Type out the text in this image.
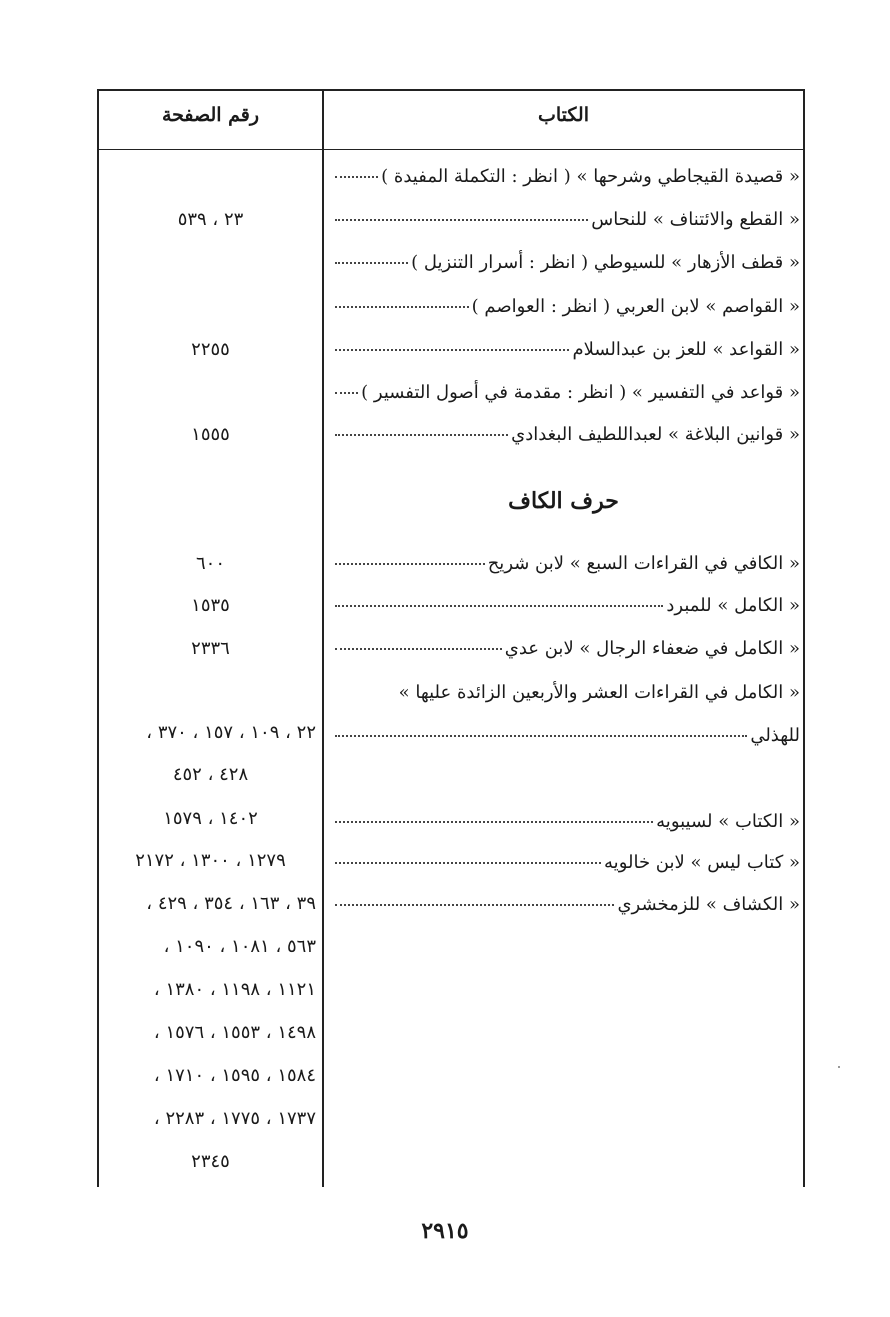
الكتاب
رقم الصفحة
« قصيدة القيجاطي وشرحها » ( انظر : التكملة المفيدة )
« القطع والائتناف » للنحاس
« قطف الأزهار » للسيوطي ( انظر : أسرار التنزيل )
« القواصم » لابن العربي ( انظر : العواصم )
« القواعد » للعز بن عبدالسلام
« قواعد في التفسير » ( انظر : مقدمة في أصول التفسير )
« قوانين البلاغة » لعبداللطيف البغدادي
٢٣ ، ٥٣٩
٢٢٥٥
١٥٥٥
حرف الكاف
« الكافي في القراءات السبع » لابن شريح
« الكامل » للمبرد
« الكامل في ضعفاء الرجال » لابن عدي
« الكامل في القراءات العشر والأربعين الزائدة عليها »
للهذلي
« الكتاب » لسيبويه
« كتاب ليس » لابن خالويه
« الكشاف » للزمخشري
٦٠٠
١٥٣٥
٢٣٣٦
٢٢ ، ١٠٩ ، ١٥٧ ، ٣٧٠ ،
٤٢٨ ، ٤٥٢
١٤٠٢ ، ١٥٧٩
١٢٧٩ ، ١٣٠٠ ، ٢١٧٢
٣٩ ، ١٦٣ ، ٣٥٤ ، ٤٢٩ ،
٥٦٣ ، ١٠٨١ ، ١٠٩٠ ،
١١٢١ ، ١١٩٨ ، ١٣٨٠ ،
١٤٩٨ ، ١٥٥٣ ، ١٥٧٦ ،
١٥٨٤ ، ١٥٩٥ ، ١٧١٠ ،
١٧٣٧ ، ١٧٧٥ ، ٢٢٨٣ ،
٢٣٤٥
٢٩١٥
